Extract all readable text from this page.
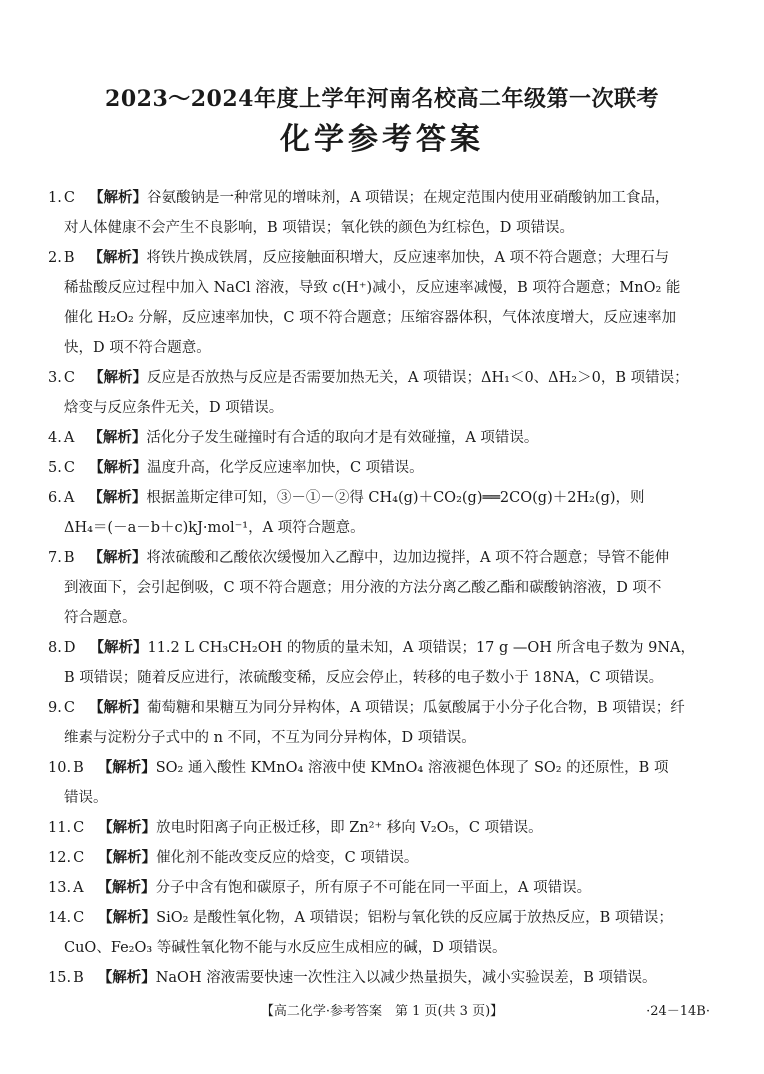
2023～2024年度上学年河南名校高二年级第一次联考
化学参考答案
1. C 【解析】谷氨酸钠是一种常见的增味剂，A 项错误；在规定范围内使用亚硝酸钠加工食品，
对人体健康不会产生不良影响，B 项错误；氧化铁的颜色为红棕色，D 项错误。
2. B 【解析】将铁片换成铁屑，反应接触面积增大，反应速率加快，A 项不符合题意；大理石与
稀盐酸反应过程中加入 NaCl 溶液，导致 c(H⁺)减小，反应速率减慢，B 项符合题意；MnO₂ 能
催化 H₂O₂ 分解，反应速率加快，C 项不符合题意；压缩容器体积，气体浓度增大，反应速率加
快，D 项不符合题意。
3. C 【解析】反应是否放热与反应是否需要加热无关，A 项错误；ΔH₁＜0、ΔH₂＞0，B 项错误；
焓变与反应条件无关，D 项错误。
4. A 【解析】活化分子发生碰撞时有合适的取向才是有效碰撞，A 项错误。
5. C 【解析】温度升高，化学反应速率加快，C 项错误。
6. A 【解析】根据盖斯定律可知，③－①－②得 CH₄(g)＋CO₂(g)══2CO(g)＋2H₂(g)，则
ΔH₄＝(－a－b＋c)kJ·mol⁻¹，A 项符合题意。
7. B 【解析】将浓硫酸和乙酸依次缓慢加入乙醇中，边加边搅拌，A 项不符合题意；导管不能伸
到液面下，会引起倒吸，C 项不符合题意；用分液的方法分离乙酸乙酯和碳酸钠溶液，D 项不
符合题意。
8. D 【解析】11.2 L CH₃CH₂OH 的物质的量未知，A 项错误；17 g —OH 所含电子数为 9NA，
B 项错误；随着反应进行，浓硫酸变稀，反应会停止，转移的电子数小于 18NA，C 项错误。
9. C 【解析】葡萄糖和果糖互为同分异构体，A 项错误；瓜氨酸属于小分子化合物，B 项错误；纤
维素与淀粉分子式中的 n 不同，不互为同分异构体，D 项错误。
10. B 【解析】SO₂ 通入酸性 KMnO₄ 溶液中使 KMnO₄ 溶液褪色体现了 SO₂ 的还原性，B 项
错误。
11. C 【解析】放电时阳离子向正极迁移，即 Zn²⁺ 移向 V₂O₅，C 项错误。
12. C 【解析】催化剂不能改变反应的焓变，C 项错误。
13. A 【解析】分子中含有饱和碳原子，所有原子不可能在同一平面上，A 项错误。
14. C 【解析】SiO₂ 是酸性氧化物，A 项错误；铝粉与氧化铁的反应属于放热反应，B 项错误；
CuO、Fe₂O₃ 等碱性氧化物不能与水反应生成相应的碱，D 项错误。
15. B 【解析】NaOH 溶液需要快速一次性注入以减少热量损失，减小实验误差，B 项错误。
【高二化学·参考答案　第 1 页(共 3 页)】	·24－14B·
